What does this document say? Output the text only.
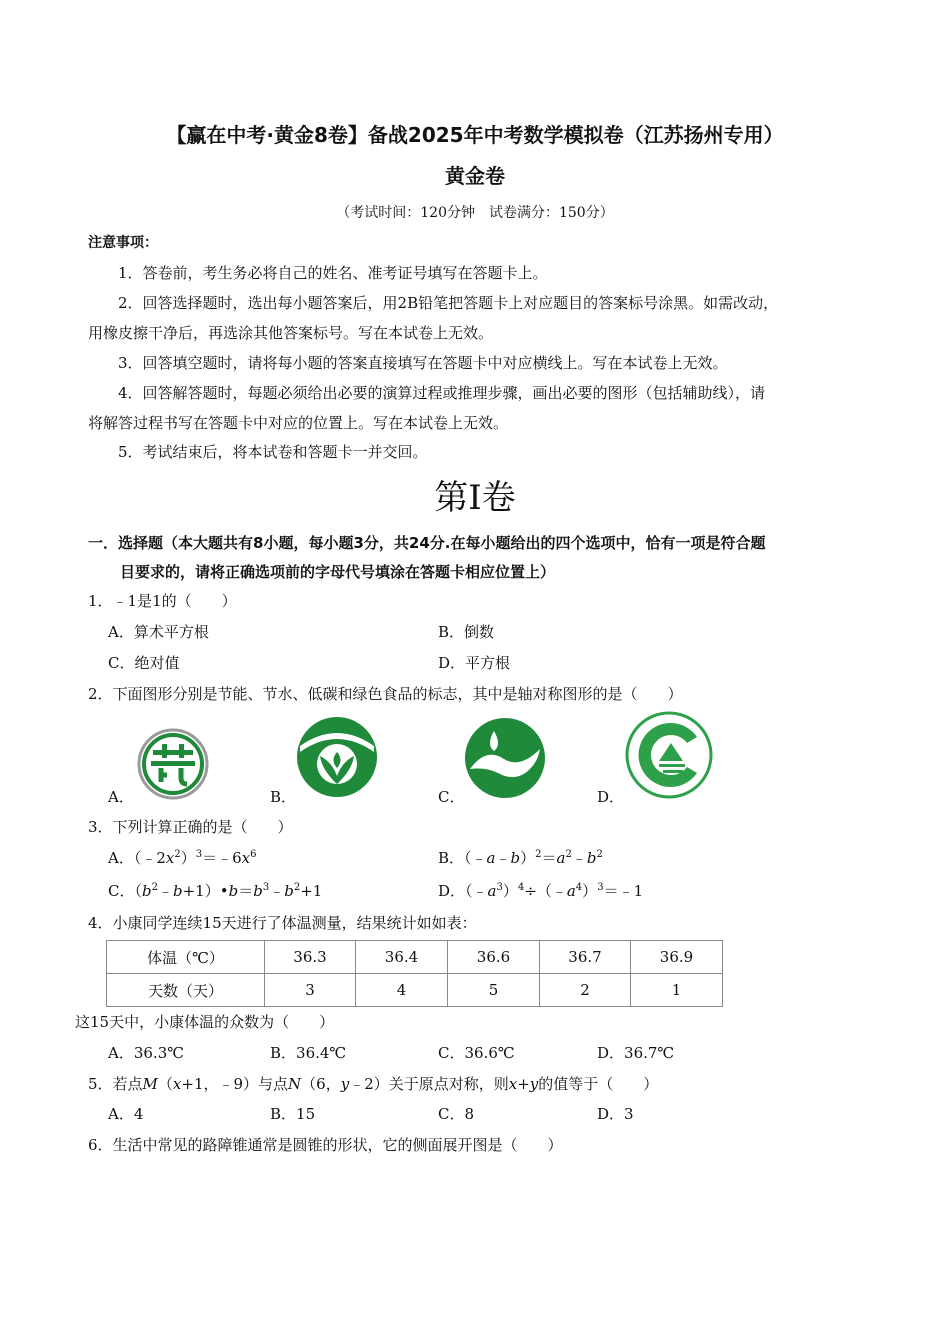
【赢在中考·黄金8卷】备战2025年中考数学模拟卷（江苏扬州专用）
黄金卷
（考试时间：120分钟　试卷满分：150分）
注意事项：
1．答卷前，考生务必将自己的姓名、准考证号填写在答题卡上。
2．回答选择题时，选出每小题答案后，用2B铅笔把答题卡上对应题目的答案标号涂黑。如需改动，
用橡皮擦干净后，再选涂其他答案标号。写在本试卷上无效。
3．回答填空题时，请将每小题的答案直接填写在答题卡中对应横线上。写在本试卷上无效。
4．回答解答题时，每题必须给出必要的演算过程或推理步骤，画出必要的图形（包括辅助线），请
将解答过程书写在答题卡中对应的位置上。写在本试卷上无效。
5．考试结束后，将本试卷和答题卡一并交回。
第Ⅰ卷
一．选择题（本大题共有8小题，每小题3分，共24分.在每小题给出的四个选项中，恰有一项是符合题
目要求的，请将正确选项前的字母代号填涂在答题卡相应位置上）
1．﹣1是1的（　　）
A．算术平方根	B．倒数
C．绝对值	D．平方根
2．下面图形分别是节能、节水、低碳和绿色食品的标志，其中是轴对称图形的是（　　）
A．	B．	C．	D．
3．下列计算正确的是（　　）
A．$(﹣2x^2)^3=﹣6x^6$	B．$(﹣a﹣b)^2=a^2﹣b^2$
C．$(b^2﹣b+1)•b=b^3﹣b^2+1$	D．$(﹣a^3)^4\div(﹣a^4)^3=﹣1$
4．小康同学连续15天进行了体温测量，结果统计如如表：
体温（℃）	36.3	36.4	36.6	36.7	36.9
天数（天）	3	4	5	2	1
这15天中，小康体温的众数为（　　）
A．36.3℃	B．36.4℃	C．36.6℃	D．36.7℃
5．若点M（x+1，﹣9）与点N（6，y﹣2）关于原点对称，则x+y的值等于（　　）
A．4	B．15	C．8	D．3
6．生活中常见的路障锥通常是圆锥的形状，它的侧面展开图是（　　）
